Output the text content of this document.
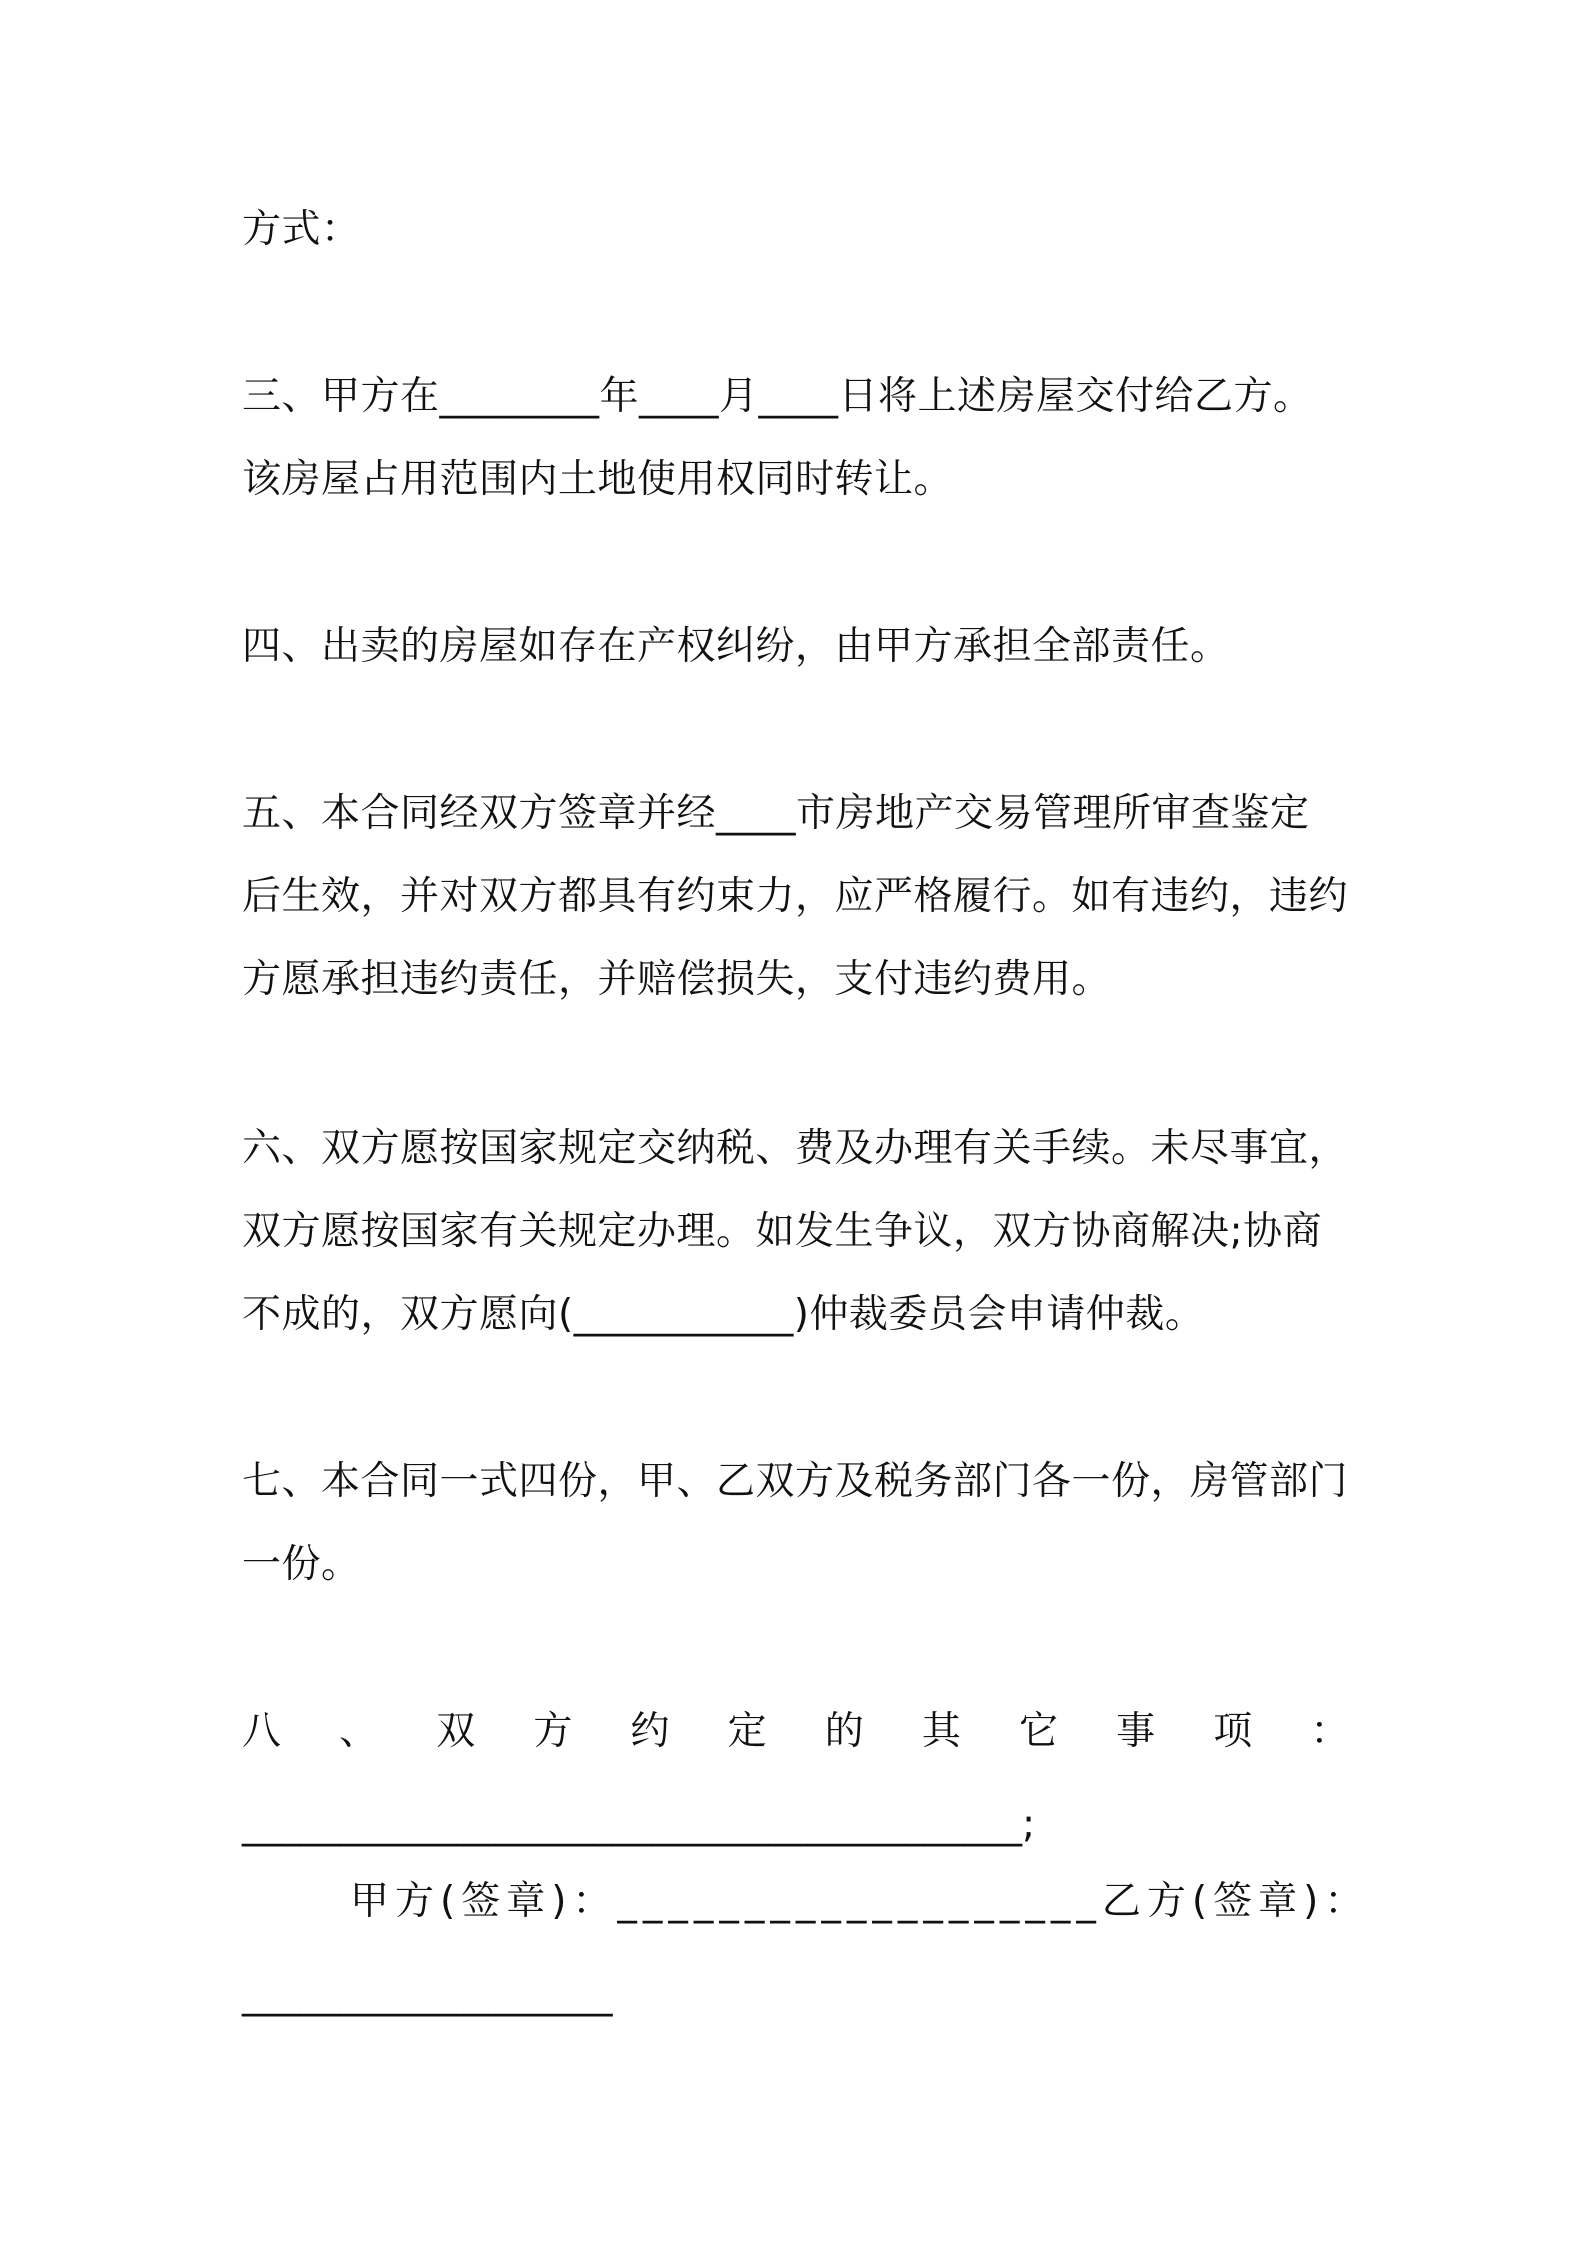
方式：
三、甲方在________年____月____日将上述房屋交付给乙方。
该房屋占用范围内土地使用权同时转让。
四、出卖的房屋如存在产权纠纷，由甲方承担全部责任。
五、本合同经双方签章并经____市房地产交易管理所审查鉴定
后生效，并对双方都具有约束力，应严格履行。如有违约，违约
方愿承担违约责任，并赔偿损失，支付违约费用。
六、双方愿按国家规定交纳税、费及办理有关手续。未尽事宜，
双方愿按国家有关规定办理。如发生争议，双方协商解决;协商
不成的，双方愿向(___________)仲裁委员会申请仲裁。
七、本合同一式四份，甲、乙双方及税务部门各一份，房管部门
一份。
八 、 双 方 约 定 的 其 它 事 项 ：
________________________________________;
甲方(签章)：___________________乙方(签章)：
___________________
